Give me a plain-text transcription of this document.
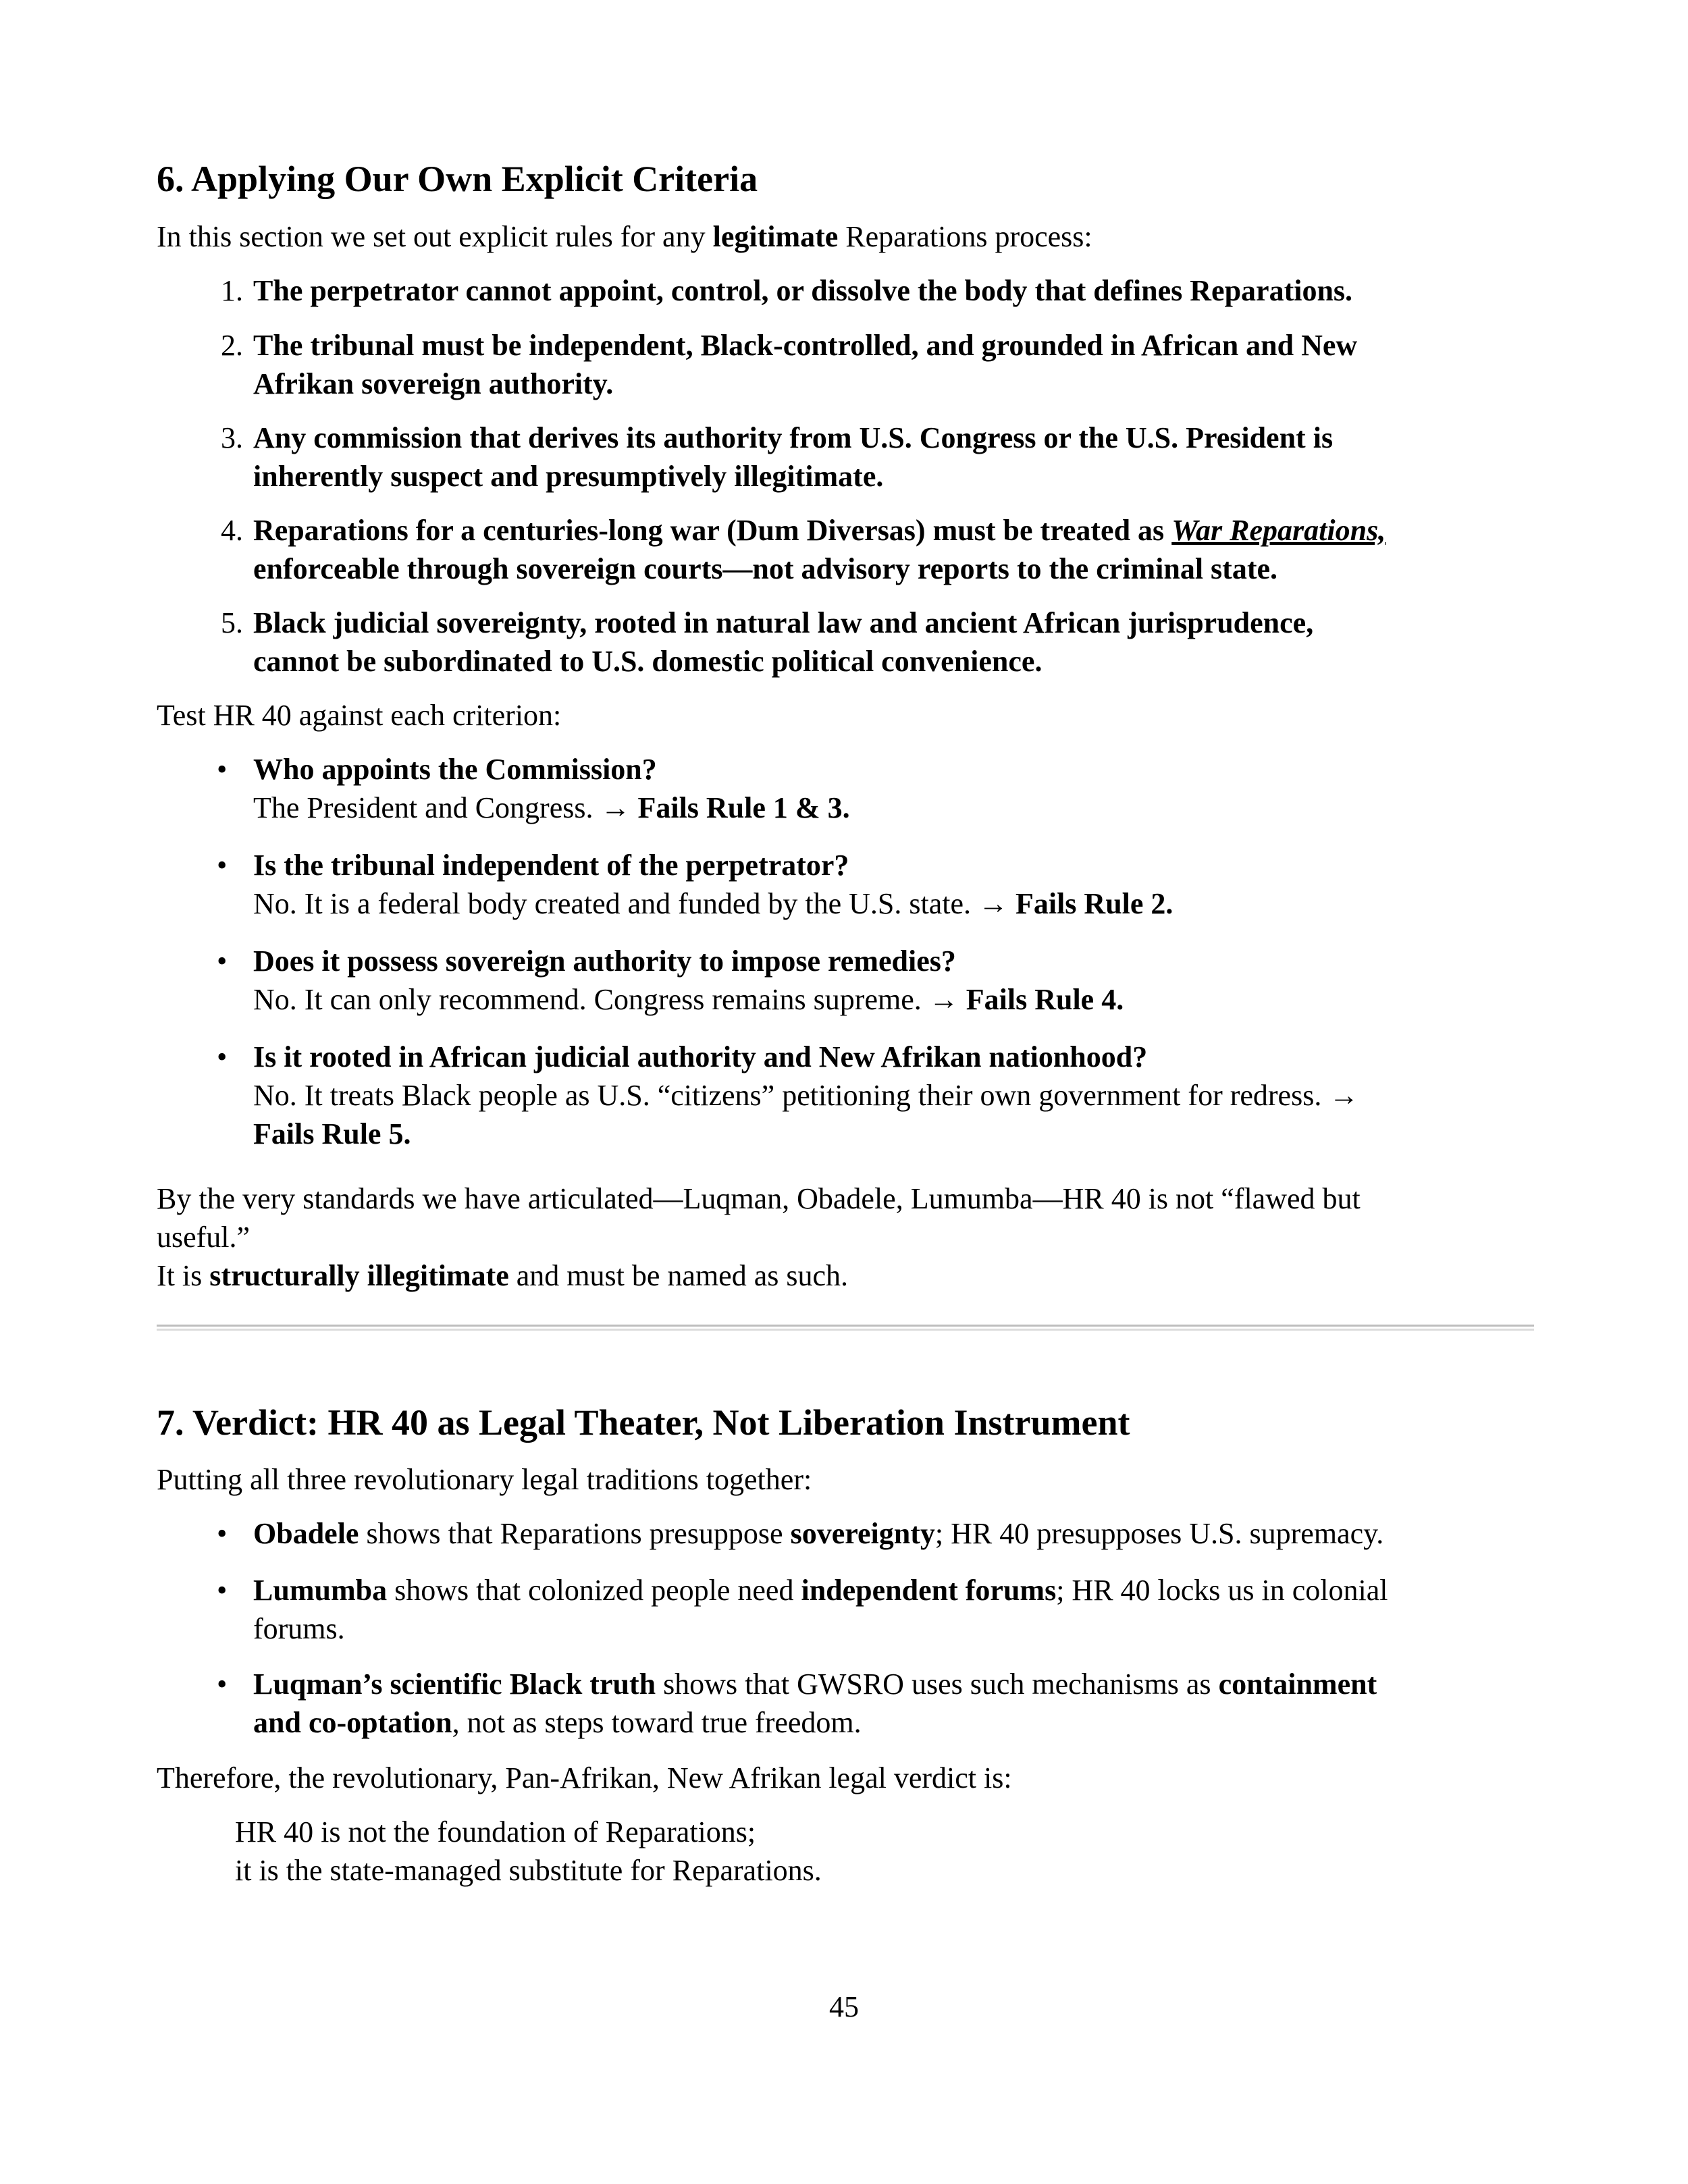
6. Applying Our Own Explicit Criteria
In this section we set out explicit rules for any legitimate Reparations process:
1. The perpetrator cannot appoint, control, or dissolve the body that defines Reparations.
2. The tribunal must be independent, Black-controlled, and grounded in African and New
Afrikan sovereign authority.
3. Any commission that derives its authority from U.S. Congress or the U.S. President is
inherently suspect and presumptively illegitimate.
4. Reparations for a centuries-long war (Dum Diversas) must be treated as War Reparations,
enforceable through sovereign courts—not advisory reports to the criminal state.
5. Black judicial sovereignty, rooted in natural law and ancient African jurisprudence,
cannot be subordinated to U.S. domestic political convenience.
Test HR 40 against each criterion:
• Who appoints the Commission?
The President and Congress. → Fails Rule 1 & 3.
• Is the tribunal independent of the perpetrator?
No. It is a federal body created and funded by the U.S. state. → Fails Rule 2.
• Does it possess sovereign authority to impose remedies?
No. It can only recommend. Congress remains supreme. → Fails Rule 4.
• Is it rooted in African judicial authority and New Afrikan nationhood?
No. It treats Black people as U.S. “citizens” petitioning their own government for redress. →
Fails Rule 5.
By the very standards we have articulated—Luqman, Obadele, Lumumba—HR 40 is not “flawed but
useful.”
It is structurally illegitimate and must be named as such.
7. Verdict: HR 40 as Legal Theater, Not Liberation Instrument
Putting all three revolutionary legal traditions together:
• Obadele shows that Reparations presuppose sovereignty; HR 40 presupposes U.S. supremacy.
• Lumumba shows that colonized people need independent forums; HR 40 locks us in colonial
forums.
• Luqman’s scientific Black truth shows that GWSRO uses such mechanisms as containment
and co-optation, not as steps toward true freedom.
Therefore, the revolutionary, Pan-Afrikan, New Afrikan legal verdict is:
HR 40 is not the foundation of Reparations;
it is the state-managed substitute for Reparations.
45
